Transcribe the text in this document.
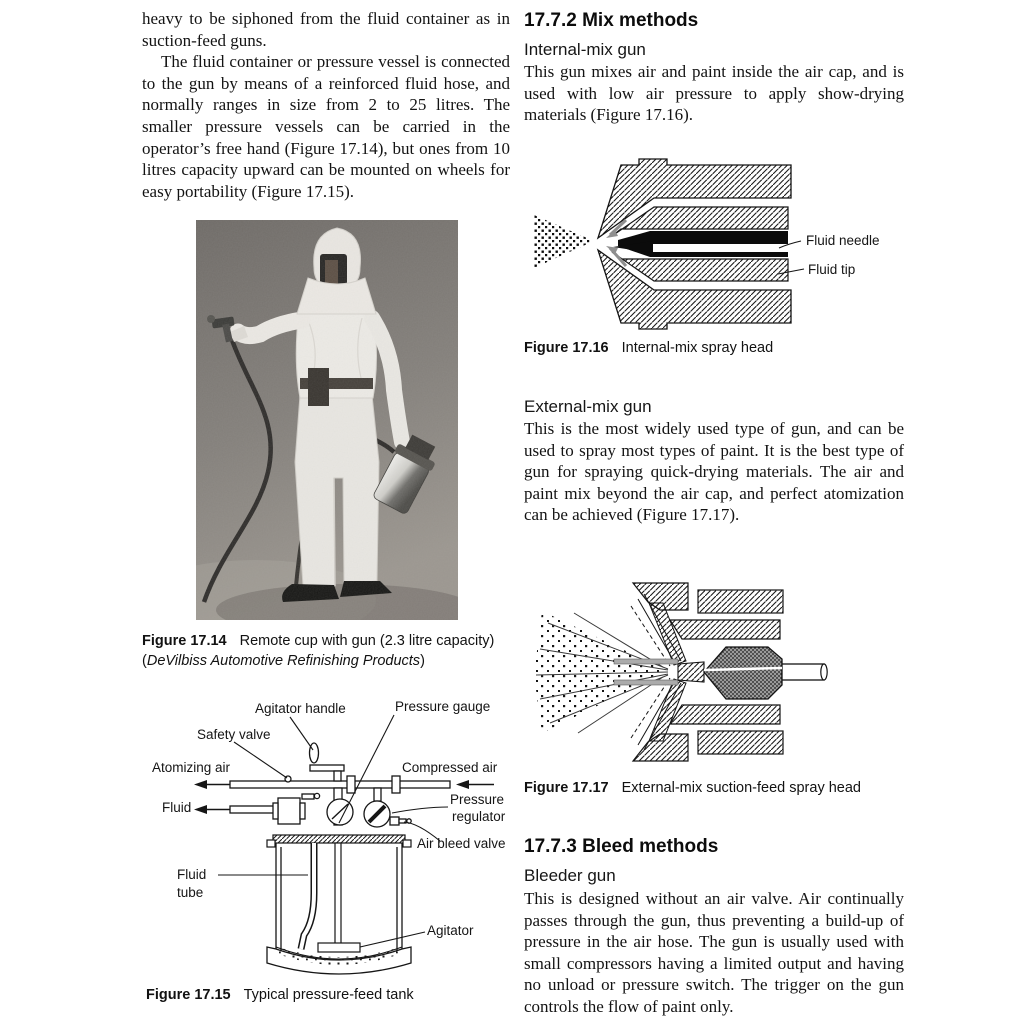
heavy to be siphoned from the fluid container as in suction-feed guns.

The fluid container or pressure vessel is connected to the gun by means of a reinforced fluid hose, and normally ranges in size from 2 to 25 litres. The smaller pressure vessels can be carried in the operator’s free hand (Figure 17.14), but ones from 10 litres capacity upward can be mounted on wheels for easy portability (Figure 17.15).

Figure 17.14 Remote cup with gun (2.3 litre capacity) (DeVilbiss Automotive Refinishing Products)
Agitator handle	Pressure gauge
Safety valve
Atomizing air	Compressed air
Fluid
Pressure
regulator
Air bleed valve
Fluid
tube
Agitator
Figure 17.15 Typical pressure-feed tank
17.7.2 Mix methods
Internal-mix gun

This gun mixes air and paint inside the air cap, and is used with low air pressure to apply show-drying materials (Figure 17.16).

Fluid needle
Fluid tip
Figure 17.16 Internal-mix spray head
External-mix gun

This is the most widely used type of gun, and can be used to spray most types of paint. It is the best type of gun for spraying quick-drying materials. The air and paint mix beyond the air cap, and perfect atomization can be achieved (Figure 17.17).

Figure 17.17 External-mix suction-feed spray head
17.7.3 Bleed methods
Bleeder gun

This is designed without an air valve. Air continually passes through the gun, thus preventing a build-up of pressure in the air hose. The gun is usually used with small compressors having a limited output and having no unload or pressure switch. The trigger on the gun controls the flow of paint only.
